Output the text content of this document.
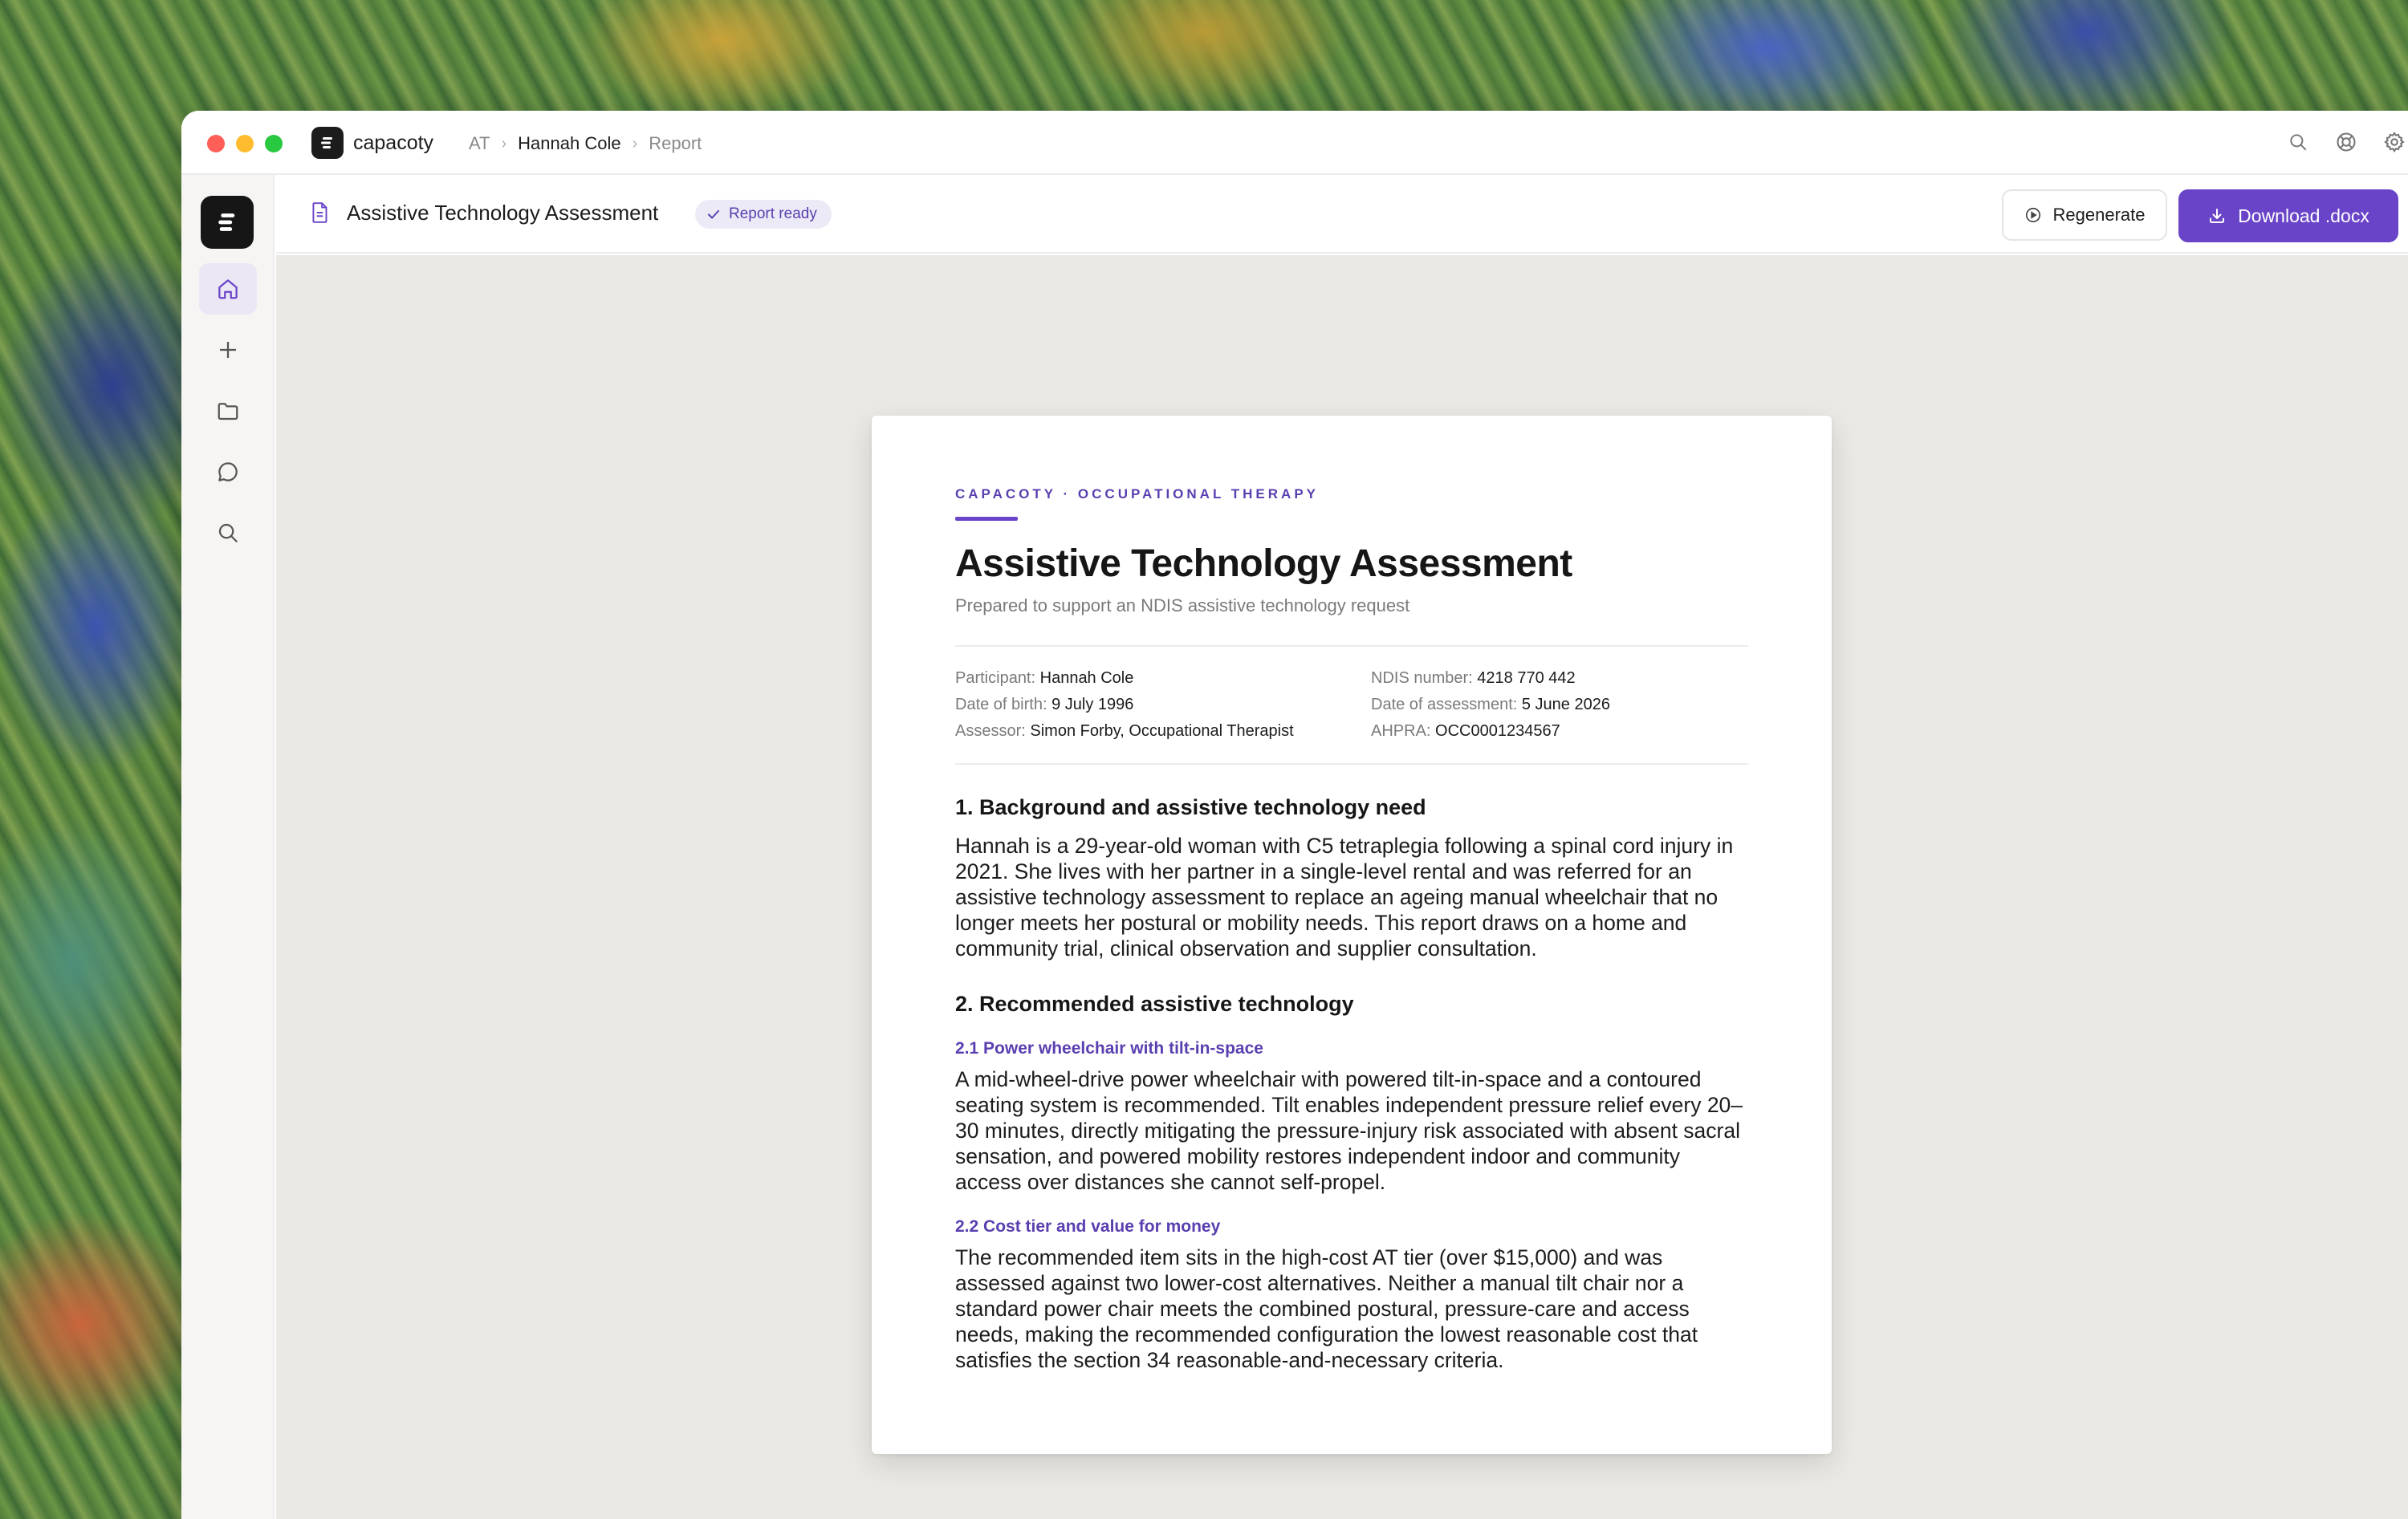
capacoty AT › Hannah Cole › Report
Assistive Technology Assessment	Report ready	Regenerate	Download .docx
CAPACOTY · OCCUPATIONAL THERAPY
Assistive Technology Assessment
Prepared to support an NDIS assistive technology request
Participant: Hannah Cole	NDIS number: 4218 770 442
Date of birth: 9 July 1996	Date of assessment: 5 June 2026
Assessor: Simon Forby, Occupational Therapist	AHPRA: OCC0001234567
1. Background and assistive technology need
Hannah is a 29-year-old woman with C5 tetraplegia following a spinal cord injury in 2021. She lives with her partner in a single-level rental and was referred for an assistive technology assessment to replace an ageing manual wheelchair that no longer meets her postural or mobility needs. This report draws on a home and community trial, clinical observation and supplier consultation.
2. Recommended assistive technology
2.1 Power wheelchair with tilt-in-space
A mid-wheel-drive power wheelchair with powered tilt-in-space and a contoured seating system is recommended. Tilt enables independent pressure relief every 20–30 minutes, directly mitigating the pressure-injury risk associated with absent sacral sensation, and powered mobility restores independent indoor and community access over distances she cannot self-propel.
2.2 Cost tier and value for money
The recommended item sits in the high-cost AT tier (over $15,000) and was assessed against two lower-cost alternatives. Neither a manual tilt chair nor a standard power chair meets the combined postural, pressure-care and access needs, making the recommended configuration the lowest reasonable cost that satisfies the section 34 reasonable-and-necessary criteria.
